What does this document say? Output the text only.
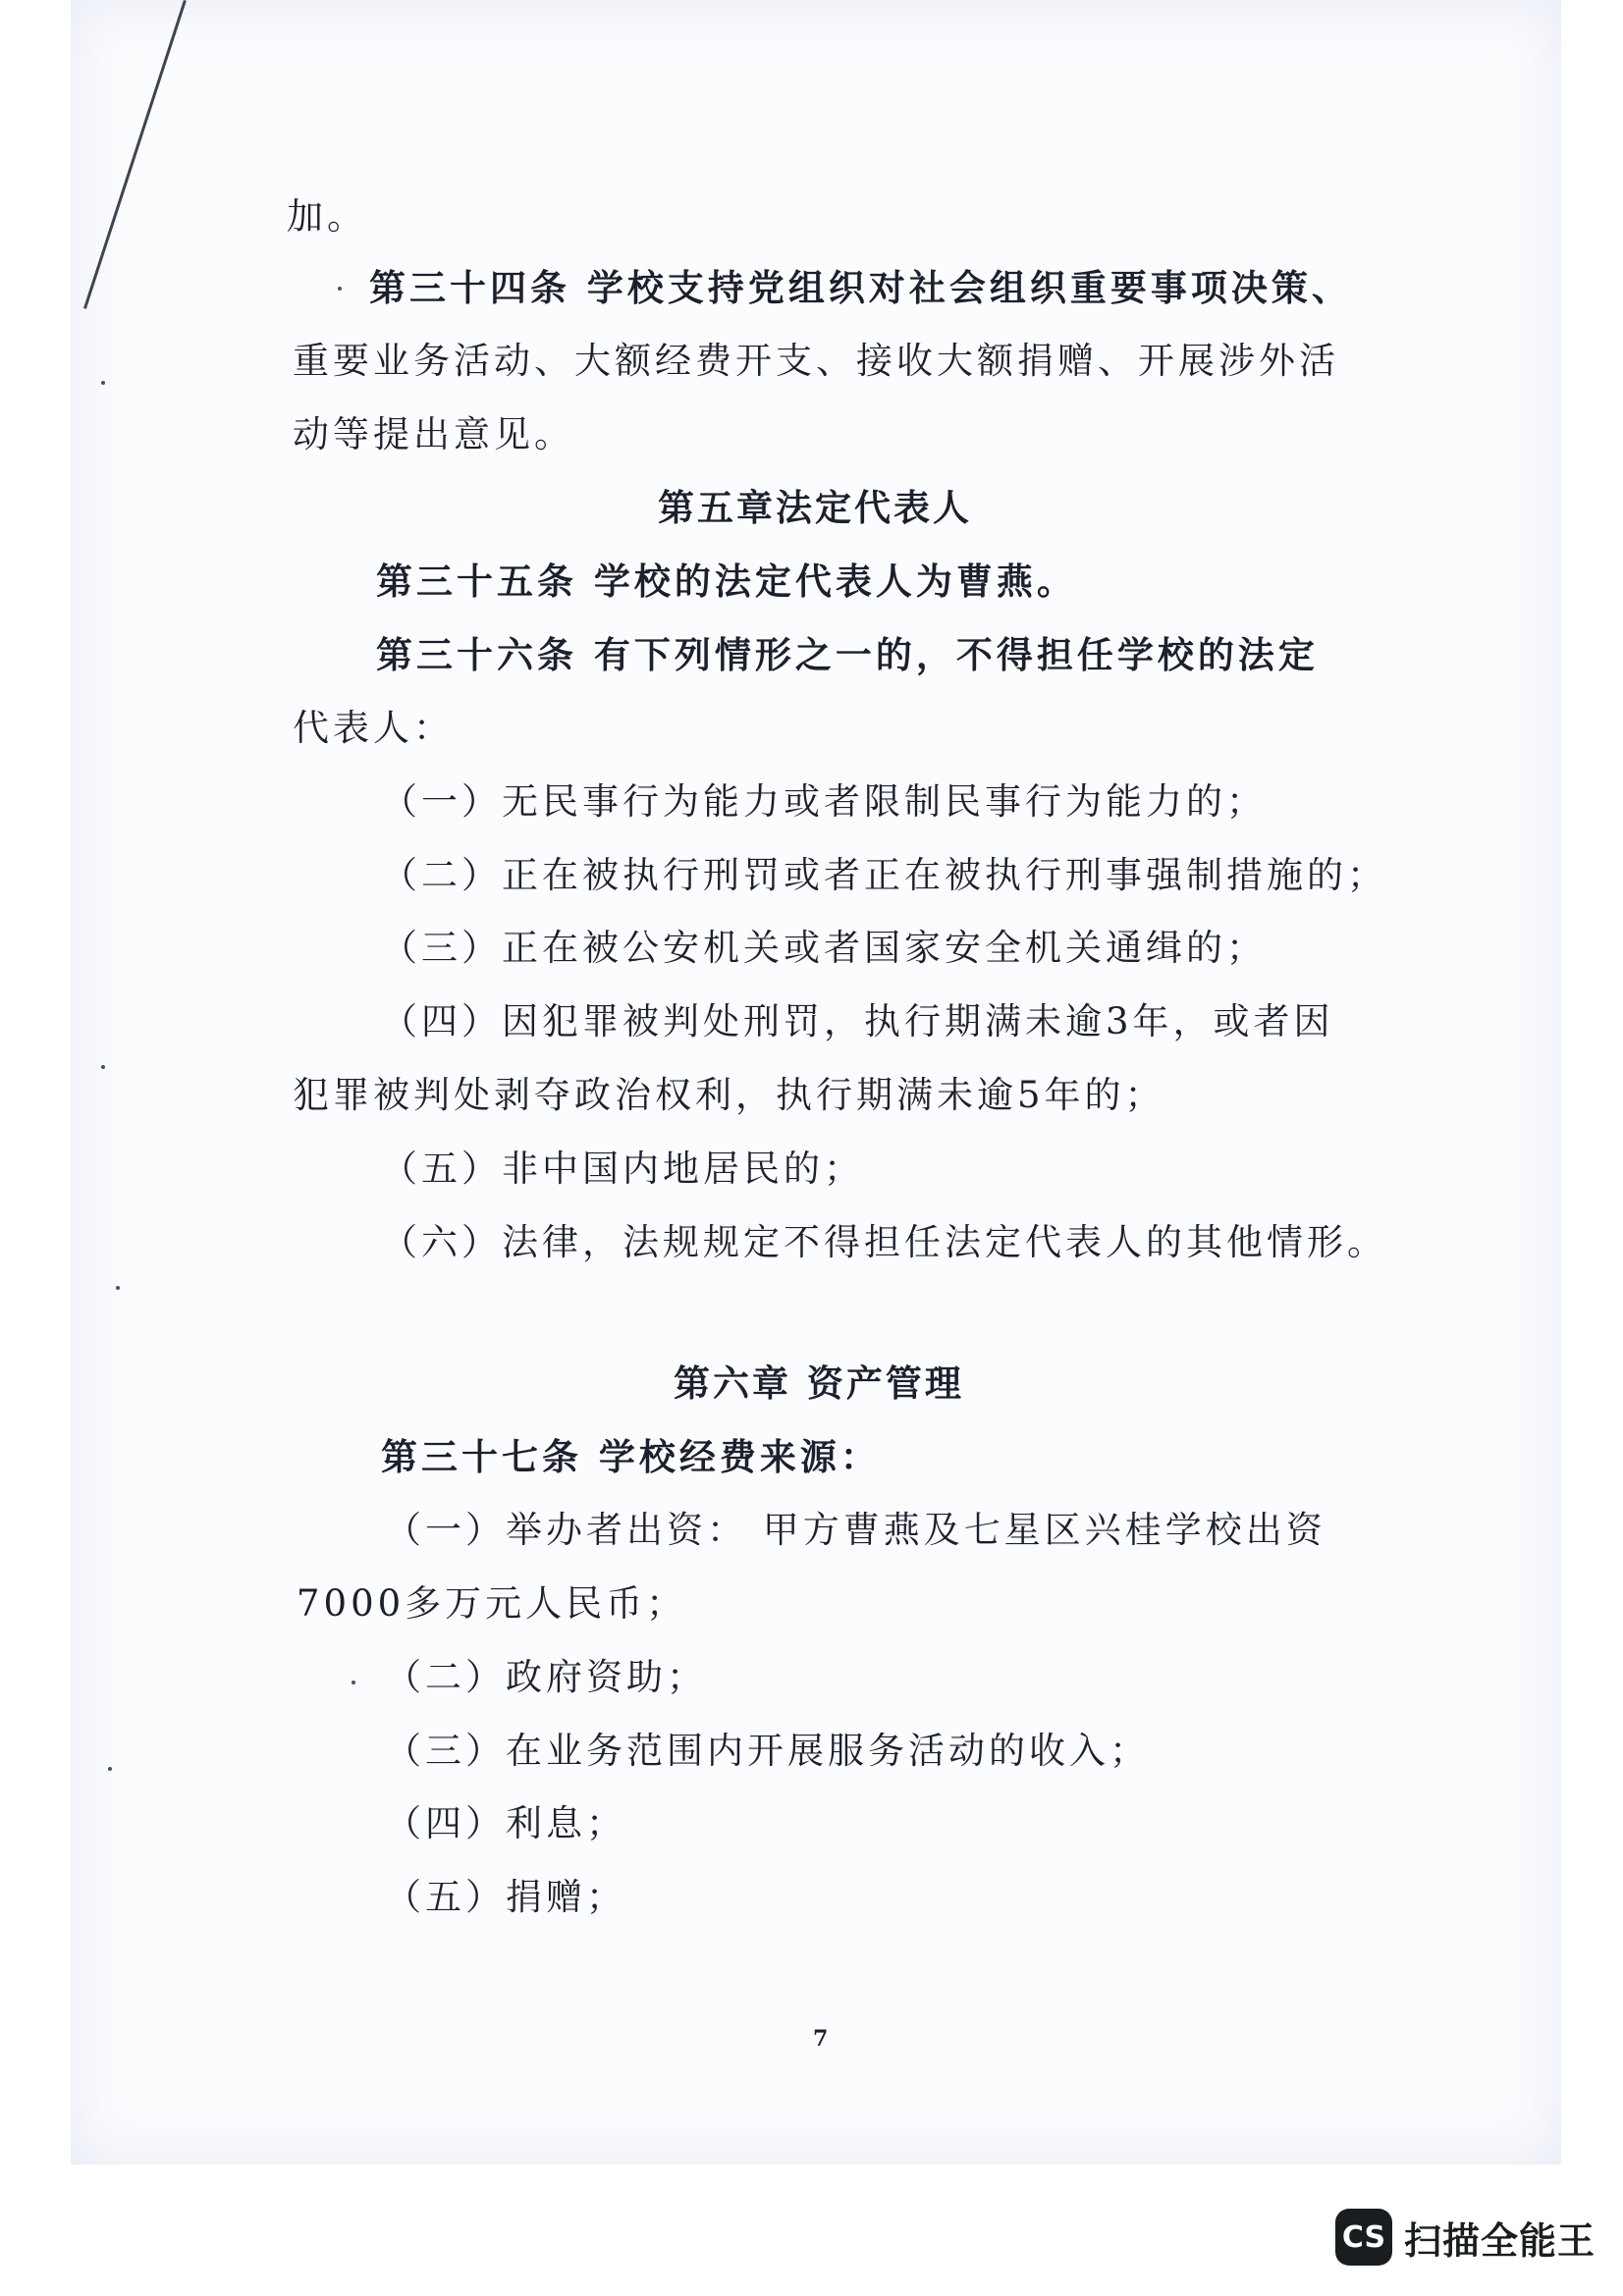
加。
第三十四条 学校支持党组织对社会组织重要事项决策、
重要业务活动、大额经费开支、接收大额捐赠、开展涉外活
动等提出意见。
第五章法定代表人
第三十五条 学校的法定代表人为曹燕。
第三十六条 有下列情形之一的，不得担任学校的法定
代表人：
（一）无民事行为能力或者限制民事行为能力的；
（二）正在被执行刑罚或者正在被执行刑事强制措施的；
（三）正在被公安机关或者国家安全机关通缉的；
（四）因犯罪被判处刑罚，执行期满未逾3年，或者因
犯罪被判处剥夺政治权利，执行期满未逾5年的；
（五）非中国内地居民的；
（六）法律，法规规定不得担任法定代表人的其他情形。
第六章 资产管理
第三十七条 学校经费来源：
（一）举办者出资： 甲方曹燕及七星区兴桂学校出资
7000多万元人民币；
（二）政府资助；
（三）在业务范围内开展服务活动的收入；
（四）利息；
（五）捐赠；
7
CS 扫描全能王
